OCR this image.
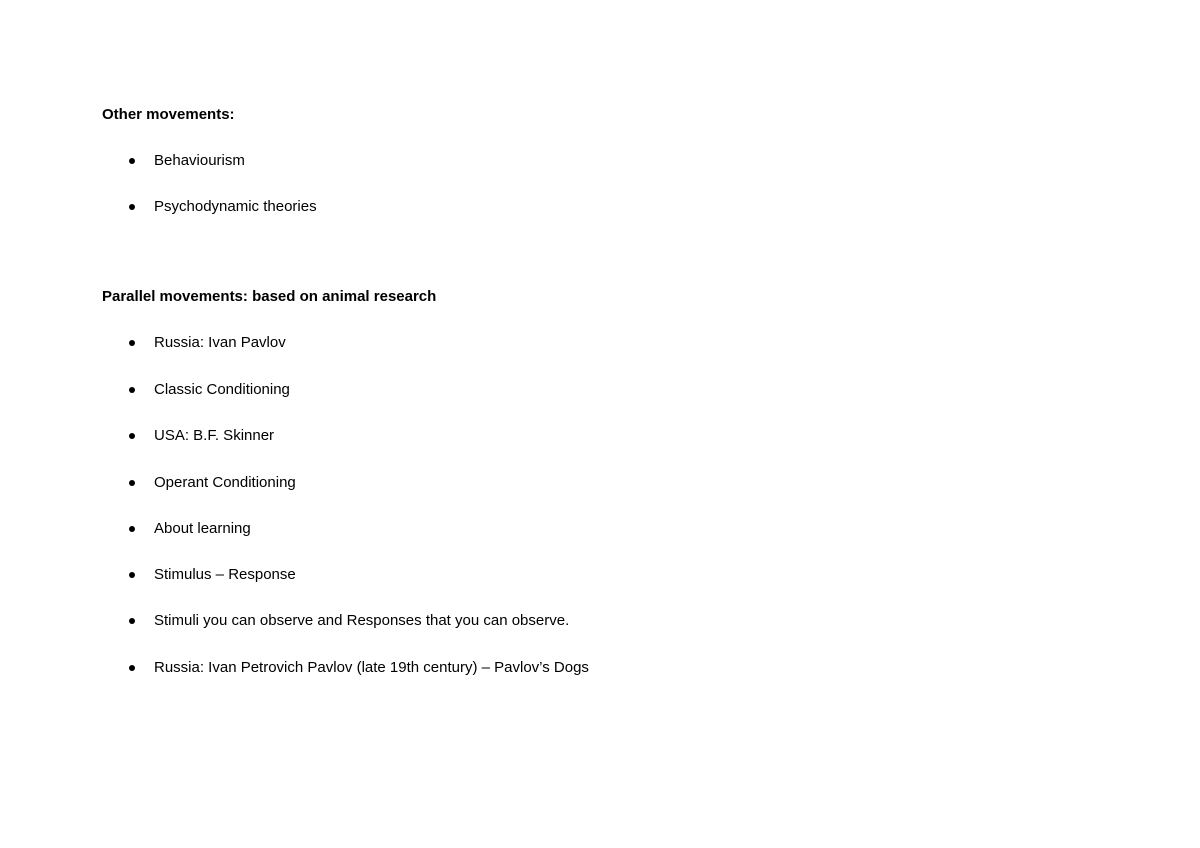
Other movements:
Behaviourism
Psychodynamic theories
Parallel movements: based on animal research
Russia: Ivan Pavlov
Classic Conditioning
USA: B.F. Skinner
Operant Conditioning
About learning
Stimulus – Response
Stimuli you can observe and Responses that you can observe.
Russia: Ivan Petrovich Pavlov (late 19th century) – Pavlov’s Dogs
